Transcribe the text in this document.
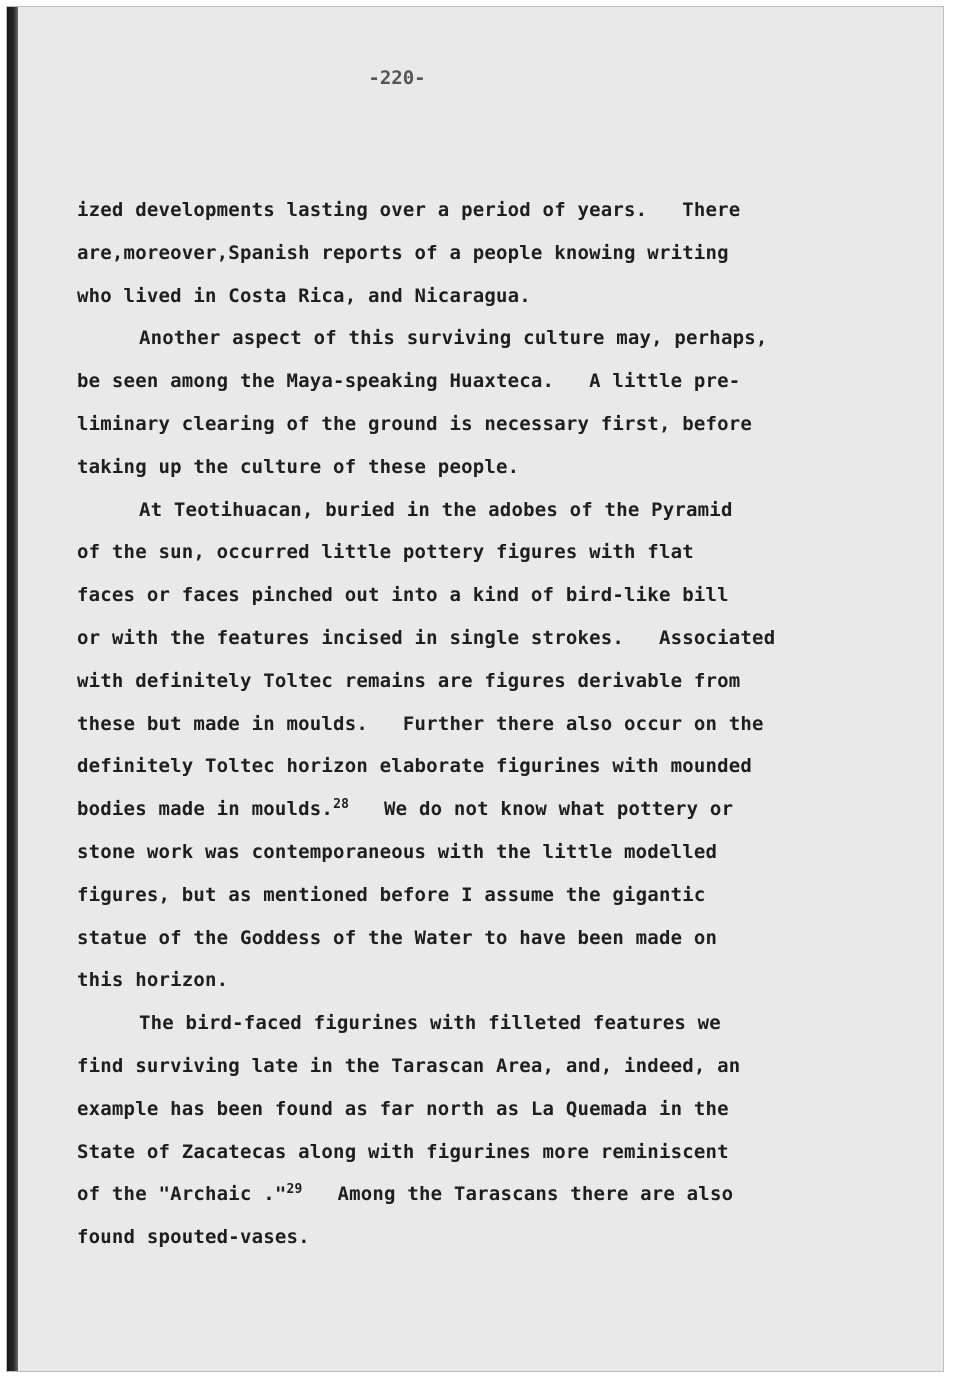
-220-
ized developments lasting over a period of years.   There
are,moreover,Spanish reports of a people knowing writing
who lived in Costa Rica, and Nicaragua.
Another aspect of this surviving culture may, perhaps,
be seen among the Maya-speaking Huaxteca.   A little pre-
liminary clearing of the ground is necessary first, before
taking up the culture of these people.
At Teotihuacan, buried in the adobes of the Pyramid
of the sun, occurred little pottery figures with flat
faces or faces pinched out into a kind of bird-like bill
or with the features incised in single strokes.   Associated
with definitely Toltec remains are figures derivable from
these but made in moulds.   Further there also occur on the
definitely Toltec horizon elaborate figurines with mounded
bodies made in moulds.$^{28}$   We do not know what pottery or
stone work was contemporaneous with the little modelled
figures, but as mentioned before I assume the gigantic
statue of the Goddess of the Water to have been made on
this horizon.
The bird-faced figurines with filleted features we
find surviving late in the Tarascan Area, and, indeed, an
example has been found as far north as La Quemada in the
State of Zacatecas along with figurines more reminiscent
of the "Archaic ."$^{29}$   Among the Tarascans there are also
found spouted-vases.
